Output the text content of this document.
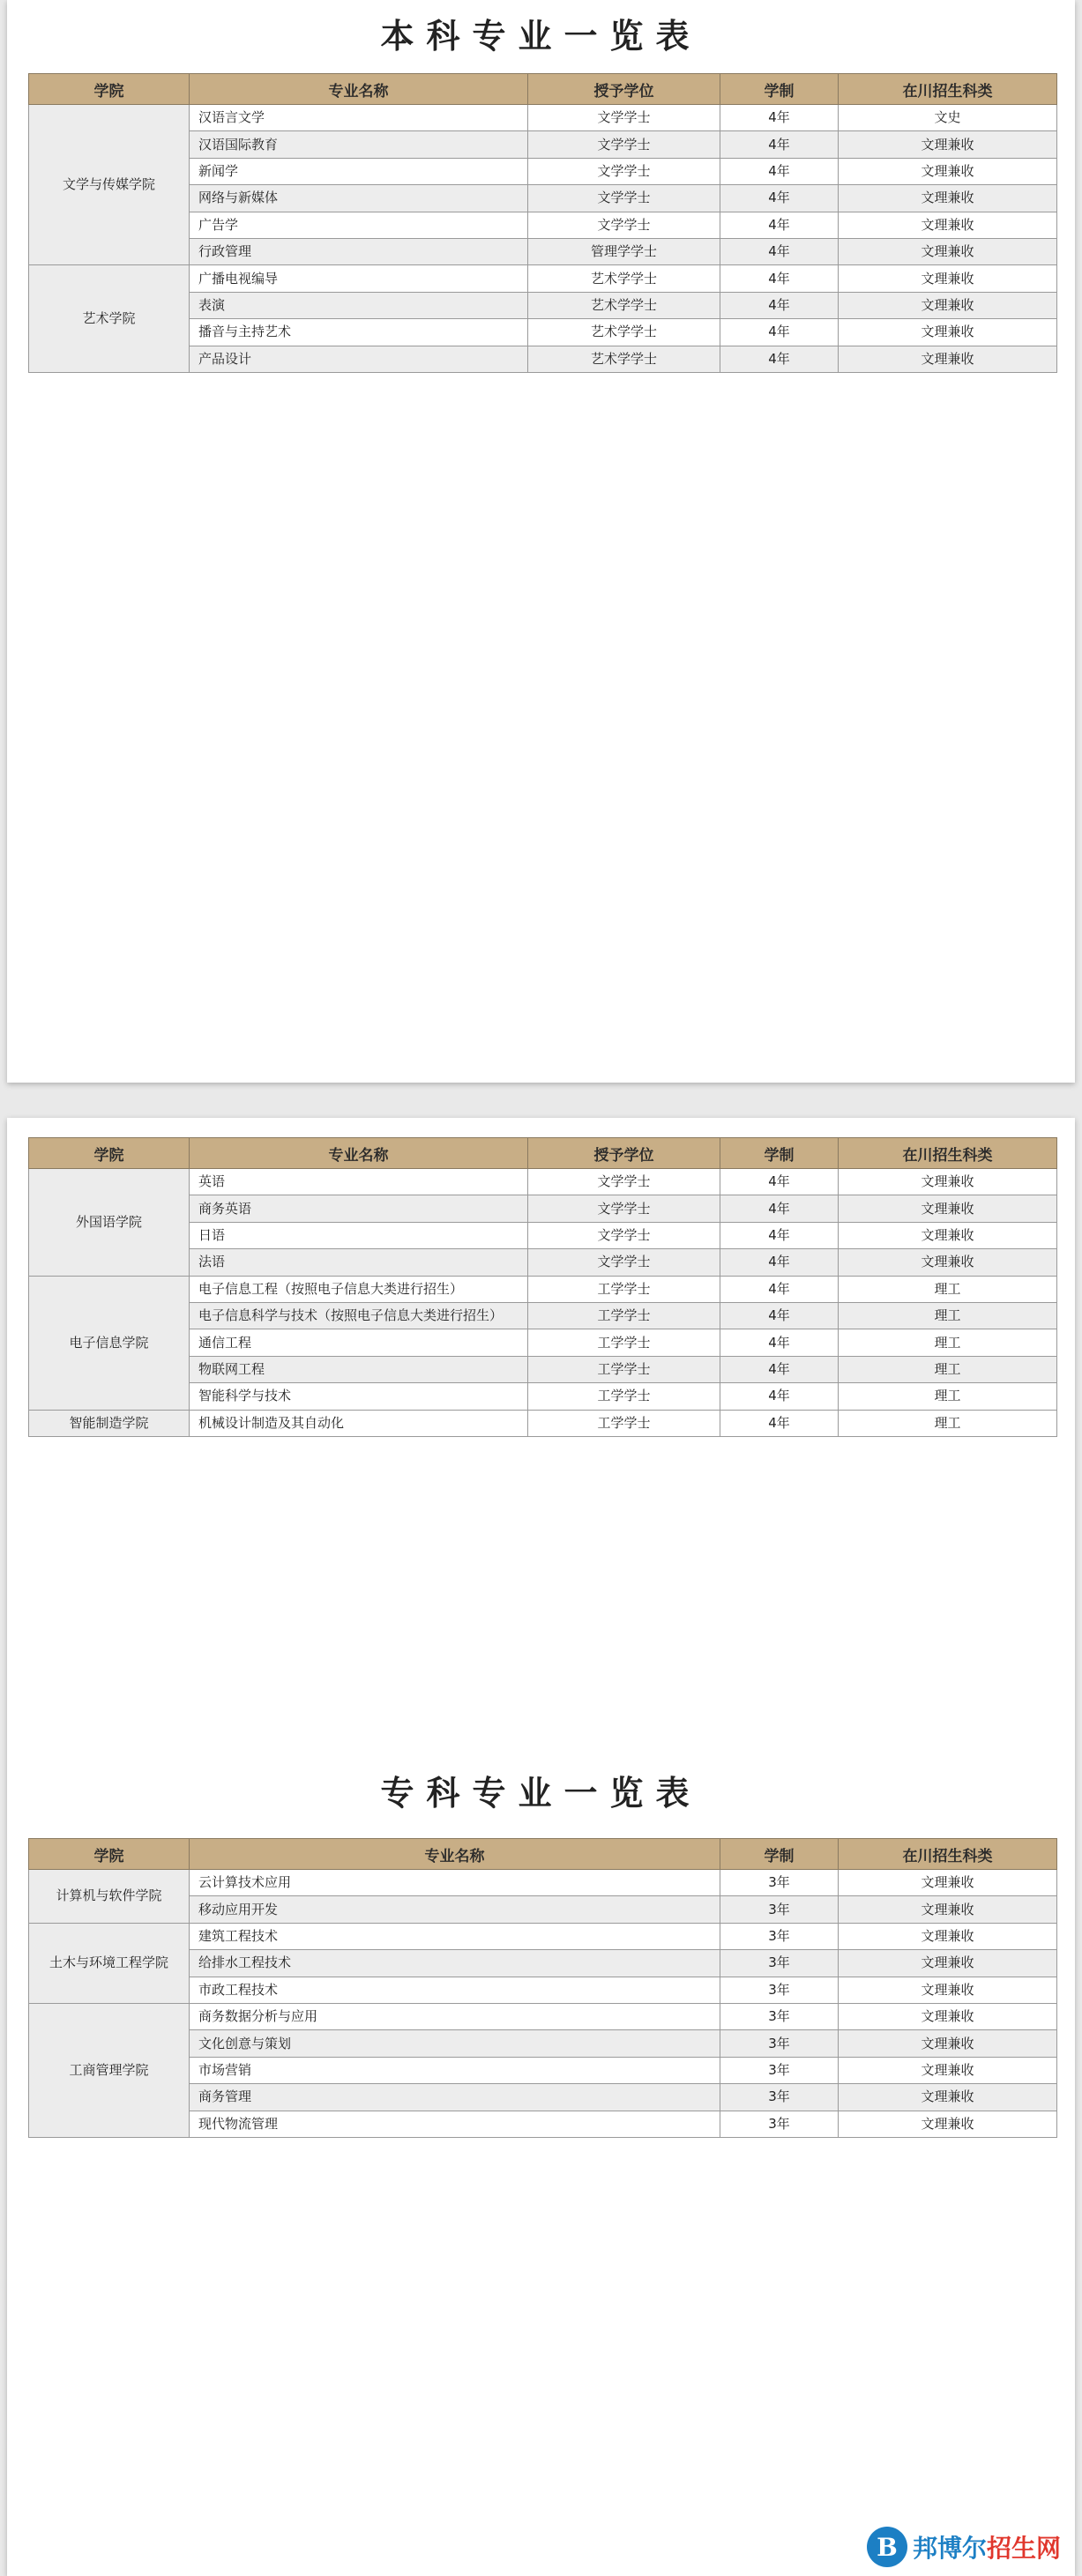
本科专业一览表
学院	专业名称	授予学位	学制	在川招生科类
文学与传媒学院	汉语言文学	文学学士	4年	文史
	汉语国际教育	文学学士	4年	文理兼收
	新闻学	文学学士	4年	文理兼收
	网络与新媒体	文学学士	4年	文理兼收
	广告学	文学学士	4年	文理兼收
	行政管理	管理学学士	4年	文理兼收
艺术学院	广播电视编导	艺术学学士	4年	文理兼收
	表演	艺术学学士	4年	文理兼收
	播音与主持艺术	艺术学学士	4年	文理兼收
	产品设计	艺术学学士	4年	文理兼收
学院	专业名称	授予学位	学制	在川招生科类
外国语学院	英语	文学学士	4年	文理兼收
	商务英语	文学学士	4年	文理兼收
	日语	文学学士	4年	文理兼收
	法语	文学学士	4年	文理兼收
电子信息学院	电子信息工程（按照电子信息大类进行招生）	工学学士	4年	理工
	电子信息科学与技术（按照电子信息大类进行招生）	工学学士	4年	理工
	通信工程	工学学士	4年	理工
	物联网工程	工学学士	4年	理工
	智能科学与技术	工学学士	4年	理工
智能制造学院	机械设计制造及其自动化	工学学士	4年	理工
专科专业一览表
学院	专业名称	学制	在川招生科类
计算机与软件学院	云计算技术应用	3年	文理兼收
	移动应用开发	3年	文理兼收
土木与环境工程学院	建筑工程技术	3年	文理兼收
	给排水工程技术	3年	文理兼收
	市政工程技术	3年	文理兼收
工商管理学院	商务数据分析与应用	3年	文理兼收
	文化创意与策划	3年	文理兼收
	市场营销	3年	文理兼收
	商务管理	3年	文理兼收
	现代物流管理	3年	文理兼收
B 邦博尔招生网
